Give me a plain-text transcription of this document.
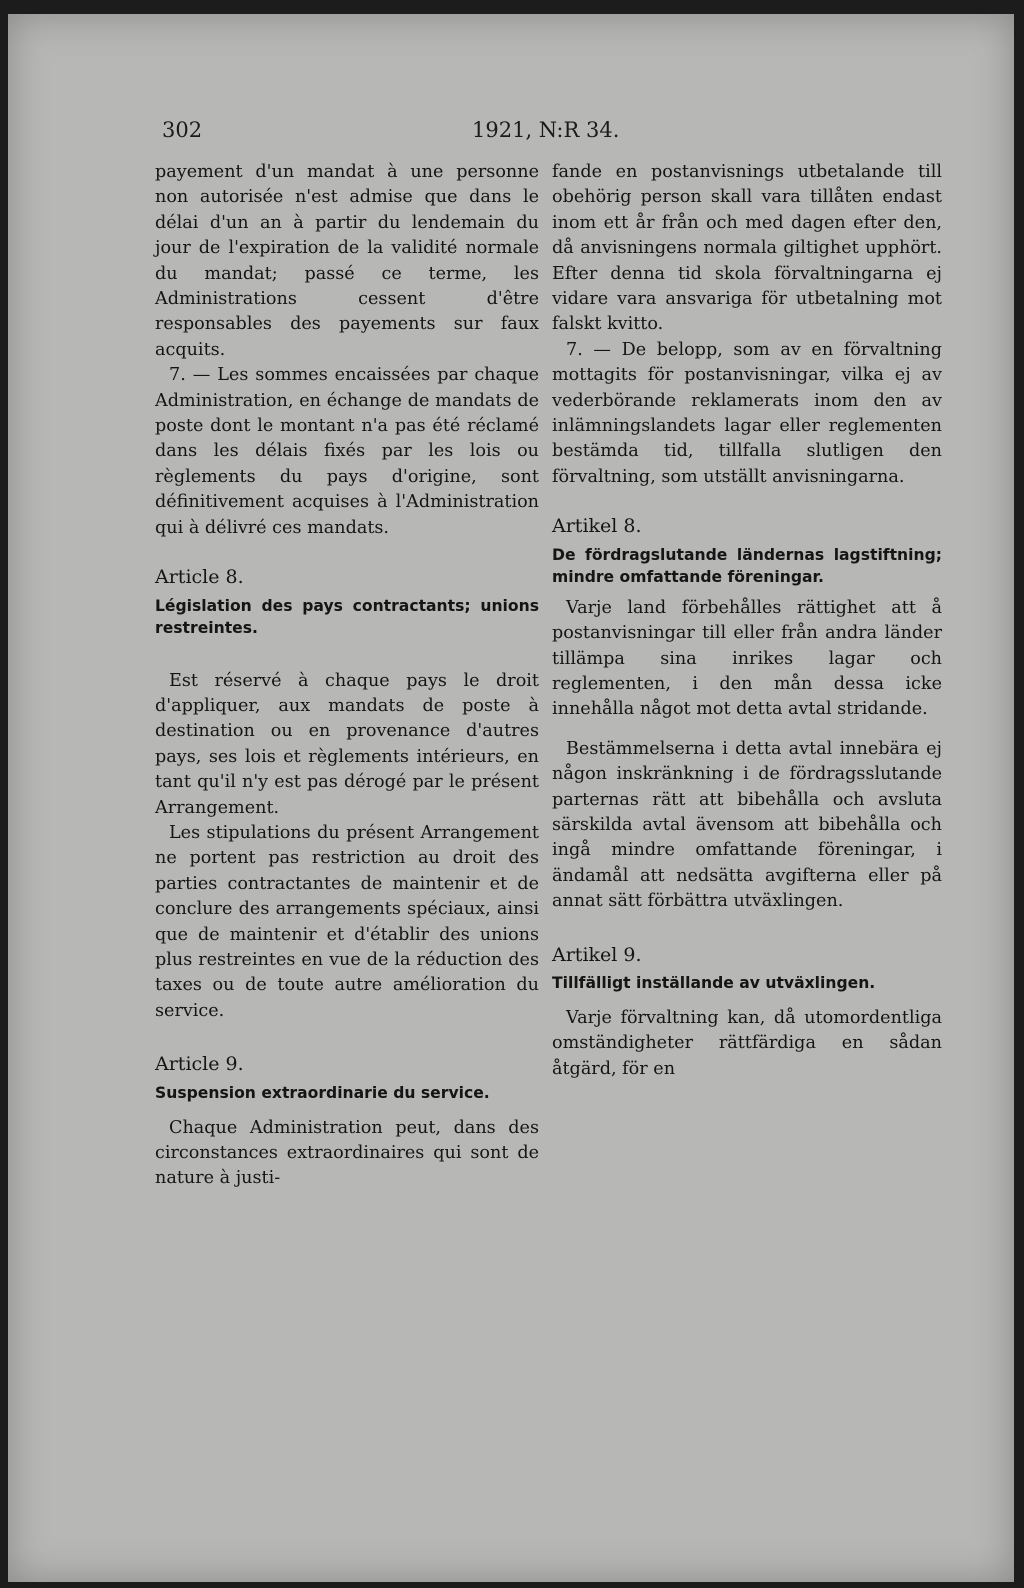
302	1921, N:R 34.

payement d'un mandat à une personne non autorisée n'est admise que dans le délai d'un an à partir du lendemain du jour de l'expiration de la validité normale du mandat; passé ce terme, les Administrations cessent d'être responsables des payements sur faux acquits.

7. — Les sommes encaissées par chaque Administration, en échange de mandats de poste dont le montant n'a pas été réclamé dans les délais fixés par les lois ou règlements du pays d'origine, sont définitivement acquises à l'Administration qui à délivré ces mandats.

Article 8.

Législation des pays contractants; unions restreintes.

Est réservé à chaque pays le droit d'appliquer, aux mandats de poste à destination ou en provenance d'autres pays, ses lois et règlements intérieurs, en tant qu'il n'y est pas dérogé par le présent Arrangement.

Les stipulations du présent Arrangement ne portent pas restriction au droit des parties contractantes de maintenir et de conclure des arrangements spéciaux, ainsi que de maintenir et d'établir des unions plus restreintes en vue de la réduction des taxes ou de toute autre amélioration du service.

Article 9.

Suspension extraordinarie du service.

Chaque Administration peut, dans des circonstances extraordinaires qui sont de nature à justi-

fande en postanvisnings utbetalande till obehörig person skall vara tillåten endast inom ett år från och med dagen efter den, då anvisningens normala giltighet upphört. Efter denna tid skola förvaltningarna ej vidare vara ansvariga för utbetalning mot falskt kvitto.

7. — De belopp, som av en förvaltning mottagits för postanvisningar, vilka ej av vederbörande reklamerats inom den av inlämningslandets lagar eller reglementen bestämda tid, tillfalla slutligen den förvaltning, som utställt anvisningarna.

Artikel 8.

De fördragslutande ländernas lagstiftning; mindre omfattande föreningar.

Varje land förbehålles rättighet att å postanvisningar till eller från andra länder tillämpa sina inrikes lagar och reglementen, i den mån dessa icke innehålla något mot detta avtal stridande.

Bestämmelserna i detta avtal innebära ej någon inskränkning i de fördragsslutande parternas rätt att bibehålla och avsluta särskilda avtal ävensom att bibehålla och ingå mindre omfattande föreningar, i ändamål att nedsätta avgifterna eller på annat sätt förbättra utväxlingen.

Artikel 9.

Tillfälligt inställande av utväxlingen.

Varje förvaltning kan, då utomordentliga omständigheter rättfärdiga en sådan åtgärd, för en
